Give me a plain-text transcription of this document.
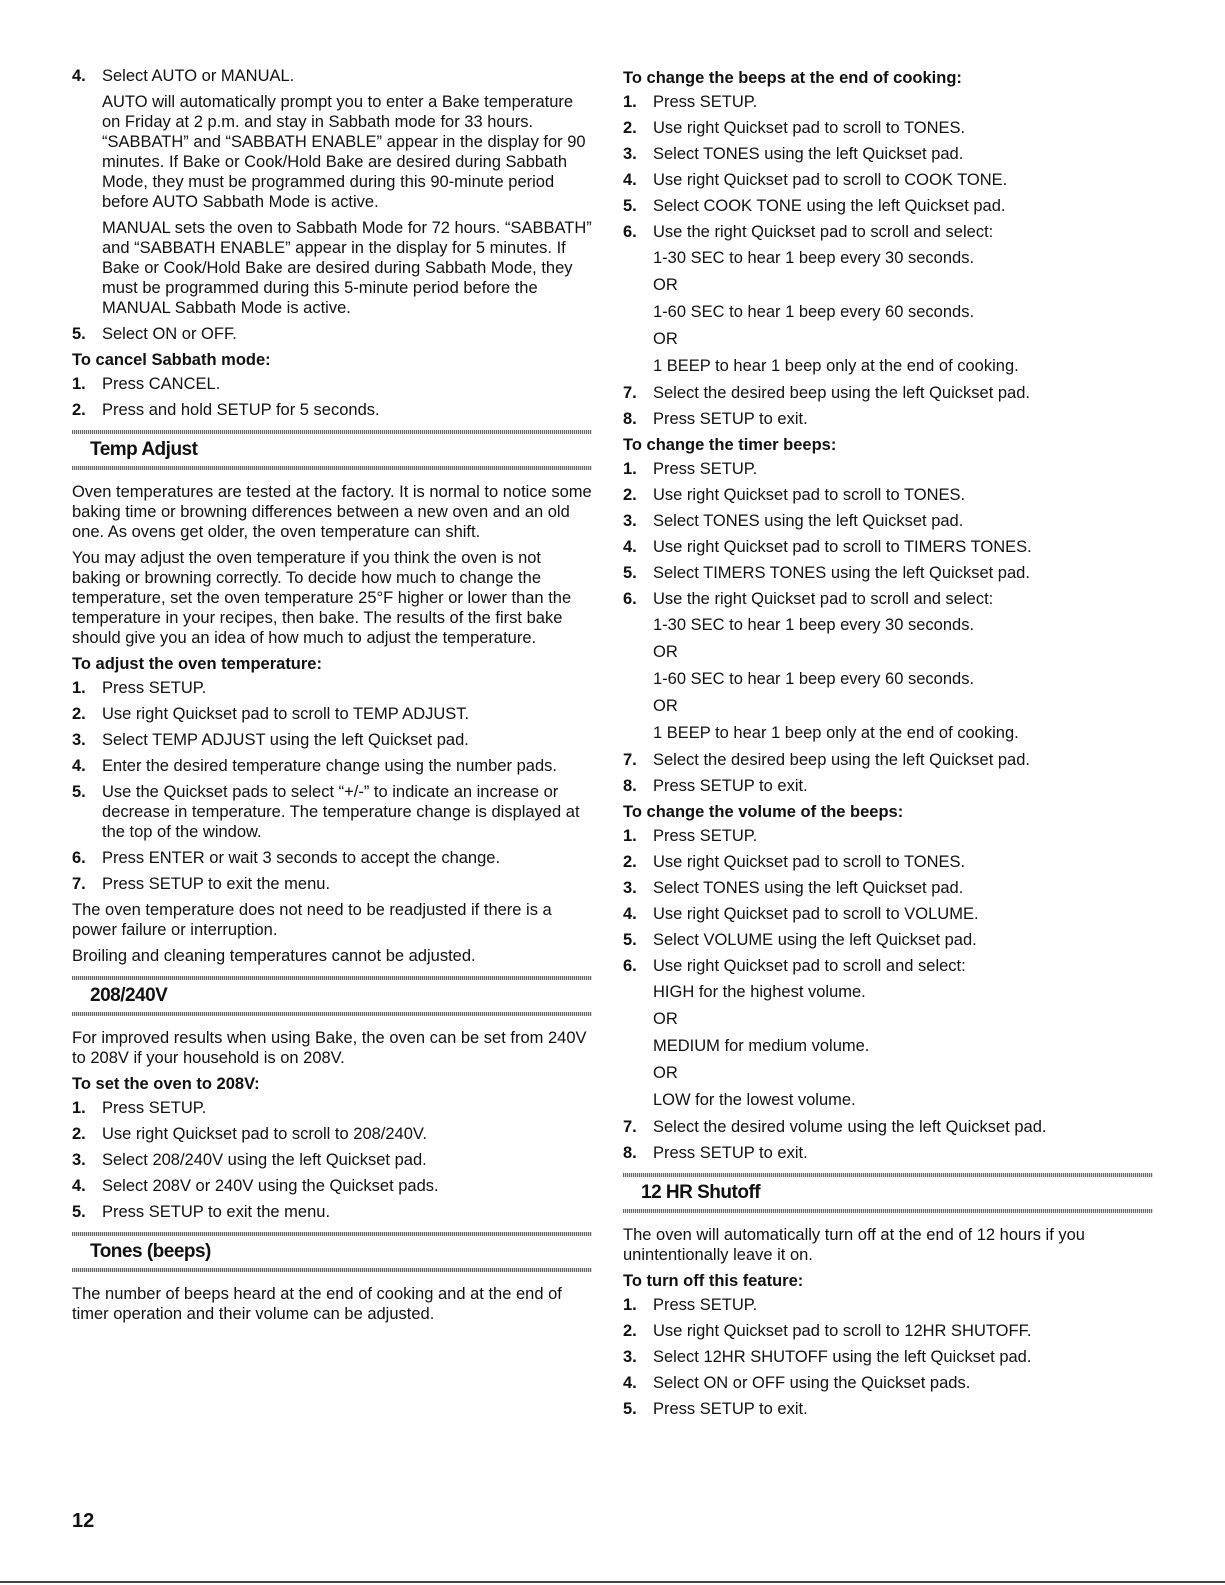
4. Select AUTO or MANUAL.

AUTO will automatically prompt you to enter a Bake temperature on Friday at 2 p.m. and stay in Sabbath mode for 33 hours. “SABBATH” and “SABBATH ENABLE” appear in the display for 90 minutes. If Bake or Cook/Hold Bake are desired during Sabbath Mode, they must be programmed during this 90-minute period before AUTO Sabbath Mode is active.

MANUAL sets the oven to Sabbath Mode for 72 hours. “SABBATH” and “SABBATH ENABLE” appear in the display for 5 minutes. If Bake or Cook/Hold Bake are desired during Sabbath Mode, they must be programmed during this 5-minute period before the MANUAL Sabbath Mode is active.

5. Select ON or OFF.
To cancel Sabbath mode:
1. Press CANCEL.
2. Press and hold SETUP for 5 seconds.
Temp Adjust

Oven temperatures are tested at the factory. It is normal to notice some baking time or browning differences between a new oven and an old one. As ovens get older, the oven temperature can shift.

You may adjust the oven temperature if you think the oven is not baking or browning correctly. To decide how much to change the temperature, set the oven temperature 25°F higher or lower than the temperature in your recipes, then bake. The results of the first bake should give you an idea of how much to adjust the temperature.

To adjust the oven temperature:
1. Press SETUP.
2. Use right Quickset pad to scroll to TEMP ADJUST.
3. Select TEMP ADJUST using the left Quickset pad.
4. Enter the desired temperature change using the number pads.
5. Use the Quickset pads to select “+/-” to indicate an increase or decrease in temperature. The temperature change is displayed at the top of the window.
6. Press ENTER or wait 3 seconds to accept the change.
7. Press SETUP to exit the menu.

The oven temperature does not need to be readjusted if there is a power failure or interruption.

Broiling and cleaning temperatures cannot be adjusted.

208/240V

For improved results when using Bake, the oven can be set from 240V to 208V if your household is on 208V.

To set the oven to 208V:
1. Press SETUP.
2. Use right Quickset pad to scroll to 208/240V.
3. Select 208/240V using the left Quickset pad.
4. Select 208V or 240V using the Quickset pads.
5. Press SETUP to exit the menu.
Tones (beeps)

The number of beeps heard at the end of cooking and at the end of timer operation and their volume can be adjusted.

To change the beeps at the end of cooking:
1. Press SETUP.
2. Use right Quickset pad to scroll to TONES.
3. Select TONES using the left Quickset pad.
4. Use right Quickset pad to scroll to COOK TONE.
5. Select COOK TONE using the left Quickset pad.
6. Use the right Quickset pad to scroll and select:
1-30 SEC to hear 1 beep every 30 seconds.
OR
1-60 SEC to hear 1 beep every 60 seconds.
OR
1 BEEP to hear 1 beep only at the end of cooking.
7. Select the desired beep using the left Quickset pad.
8. Press SETUP to exit.
To change the timer beeps:
1. Press SETUP.
2. Use right Quickset pad to scroll to TONES.
3. Select TONES using the left Quickset pad.
4. Use right Quickset pad to scroll to TIMERS TONES.
5. Select TIMERS TONES using the left Quickset pad.
6. Use the right Quickset pad to scroll and select:
1-30 SEC to hear 1 beep every 30 seconds.
OR
1-60 SEC to hear 1 beep every 60 seconds.
OR
1 BEEP to hear 1 beep only at the end of cooking.
7. Select the desired beep using the left Quickset pad.
8. Press SETUP to exit.
To change the volume of the beeps:
1. Press SETUP.
2. Use right Quickset pad to scroll to TONES.
3. Select TONES using the left Quickset pad.
4. Use right Quickset pad to scroll to VOLUME.
5. Select VOLUME using the left Quickset pad.
6. Use right Quickset pad to scroll and select:
HIGH for the highest volume.
OR
MEDIUM for medium volume.
OR
LOW for the lowest volume.
7. Select the desired volume using the left Quickset pad.
8. Press SETUP to exit.
12 HR Shutoff

The oven will automatically turn off at the end of 12 hours if you unintentionally leave it on.

To turn off this feature:
1. Press SETUP.
2. Use right Quickset pad to scroll to 12HR SHUTOFF.
3. Select 12HR SHUTOFF using the left Quickset pad.
4. Select ON or OFF using the Quickset pads.
5. Press SETUP to exit.
12
